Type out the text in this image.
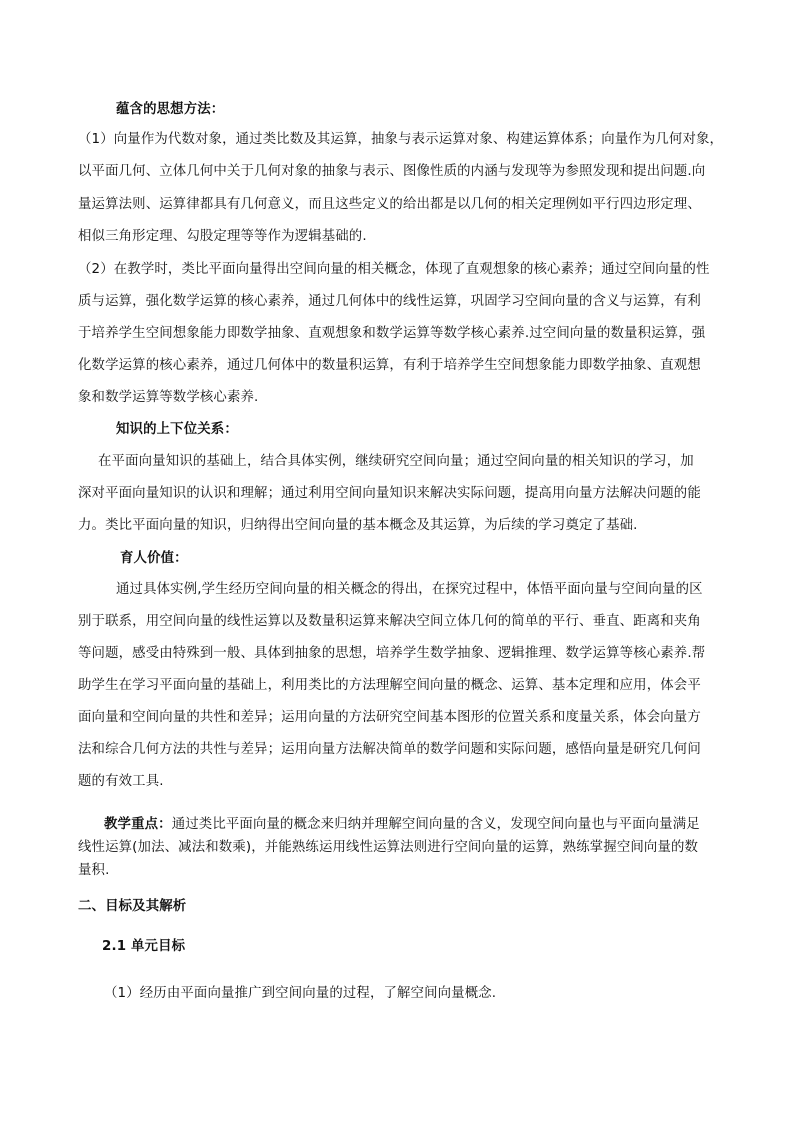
蕴含的思想方法：

（1）向量作为代数对象，通过类比数及其运算，抽象与表示运算对象、构建运算体系；向量作为几何对象，

以平面几何、立体几何中关于几何对象的抽象与表示、图像性质的内涵与发现等为参照发现和提出问题.向

量运算法则、运算律都具有几何意义，而且这些定义的给出都是以几何的相关定理例如平行四边形定理、

相似三角形定理、勾股定理等等作为逻辑基础的.

（2）在教学时，类比平面向量得出空间向量的相关概念，体现了直观想象的核心素养；通过空间向量的性

质与运算，强化数学运算的核心素养，通过几何体中的线性运算，巩固学习空间向量的含义与运算，有利

于培养学生空间想象能力即数学抽象、直观想象和数学运算等数学核心素养.过空间向量的数量积运算，强

化数学运算的核心素养，通过几何体中的数量积运算，有利于培养学生空间想象能力即数学抽象、直观想

象和数学运算等数学核心素养.

知识的上下位关系：

在平面向量知识的基础上，结合具体实例，继续研究空间向量；通过空间向量的相关知识的学习，加

深对平面向量知识的认识和理解；通过利用空间向量知识来解决实际问题，提高用向量方法解决问题的能

力。类比平面向量的知识，归纳得出空间向量的基本概念及其运算，为后续的学习奠定了基础.

育人价值：

通过具体实例,学生经历空间向量的相关概念的得出，在探究过程中，体悟平面向量与空间向量的区

别于联系，用空间向量的线性运算以及数量积运算来解决空间立体几何的简单的平行、垂直、距离和夹角

等问题，感受由特殊到一般、具体到抽象的思想，培养学生数学抽象、逻辑推理、数学运算等核心素养.帮

助学生在学习平面向量的基础上，利用类比的方法理解空间向量的概念、运算、基本定理和应用，体会平

面向量和空间向量的共性和差异；运用向量的方法研究空间基本图形的位置关系和度量关系，体会向量方

法和综合几何方法的共性与差异；运用向量方法解决简单的数学问题和实际问题，感悟向量是研究几何问

题的有效工具.

教学重点：通过类比平面向量的概念来归纳并理解空间向量的含义，发现空间向量也与平面向量满足

线性运算(加法、减法和数乘)，并能熟练运用线性运算法则进行空间向量的运算，熟练掌握空间向量的数

量积.

二、目标及其解析

2.1 单元目标

（1）经历由平面向量推广到空间向量的过程，了解空间向量概念.
